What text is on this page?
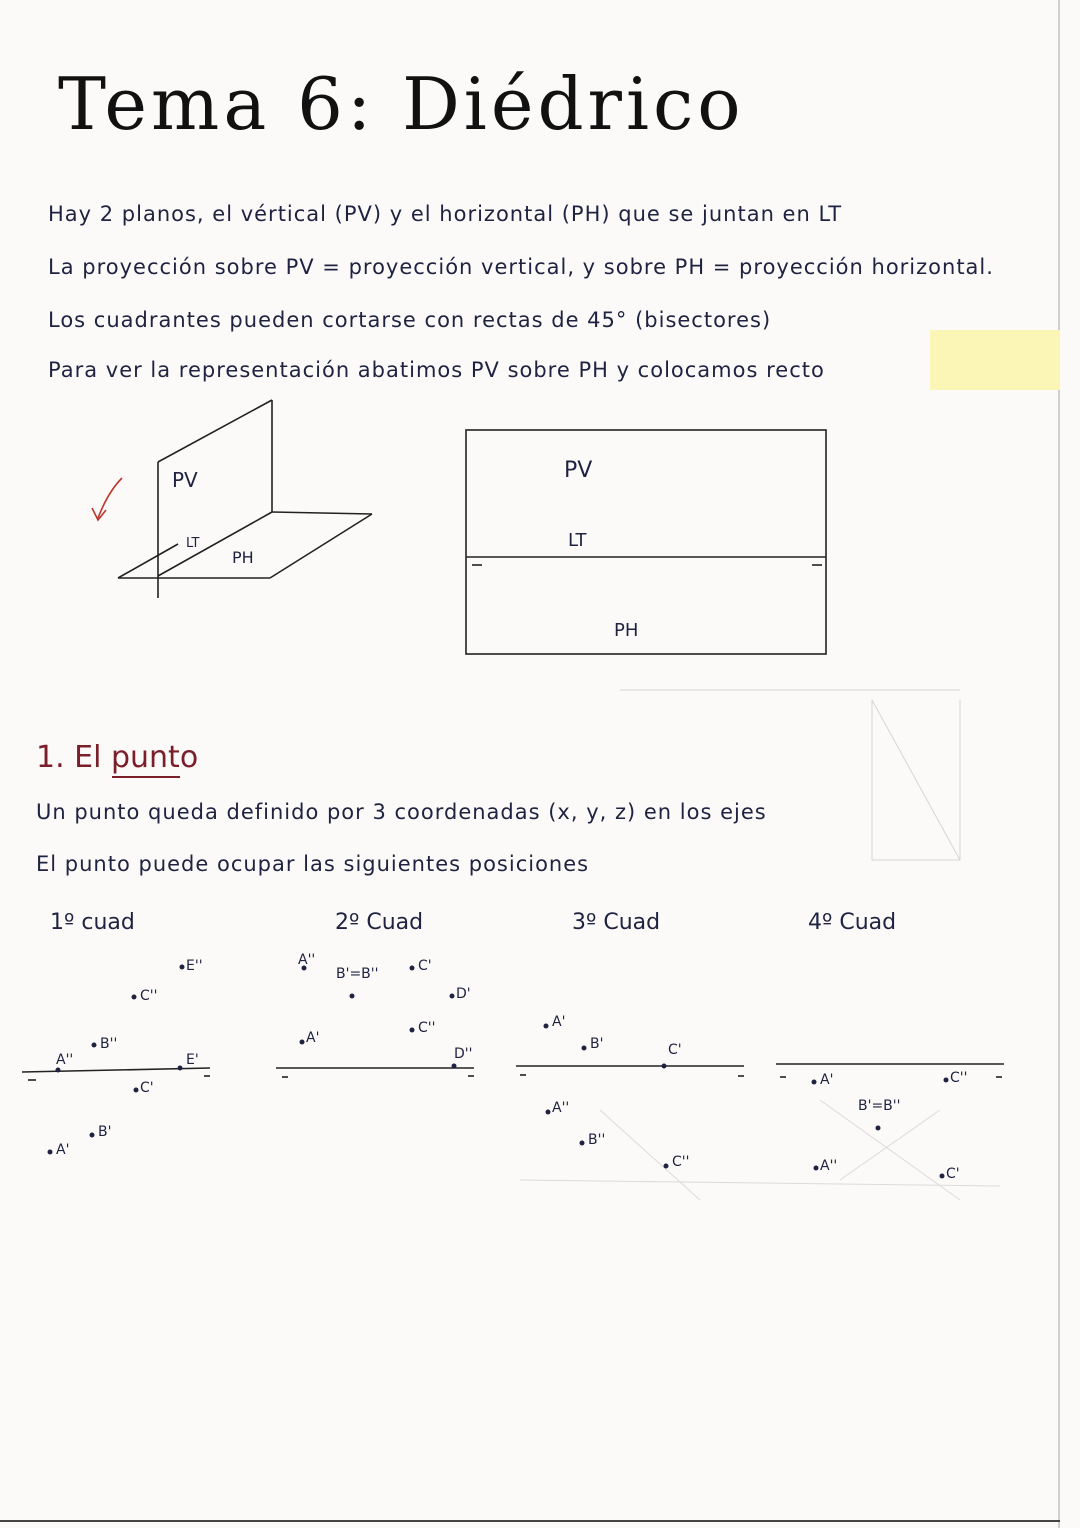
Tema 6: Diédrico
Hay 2 planos, el vértical (PV) y el horizontal (PH) que se juntan en LT
La proyección sobre PV = proyección vertical, y sobre PH = proyección horizontal.
Los cuadrantes pueden cortarse con rectas de 45° (bisectores)
Para ver la representación abatimos PV sobre PH y colocamos recto
PV
LT
PH
PV
LT
PH
1. El punto
Un punto queda definido por 3 coordenadas (x, y, z) en los ejes
El punto puede ocupar las siguientes posiciones
1º cuad	2º Cuad	3º Cuad	4º Cuad
E''
C''
B''
A''	E'
C'
B'
A'
A''
B'=B''	C'
D'
A'
C''
D''
A'
B'	C'
A''
B''
C''
A'	C''
B'=B''
A''	C'
